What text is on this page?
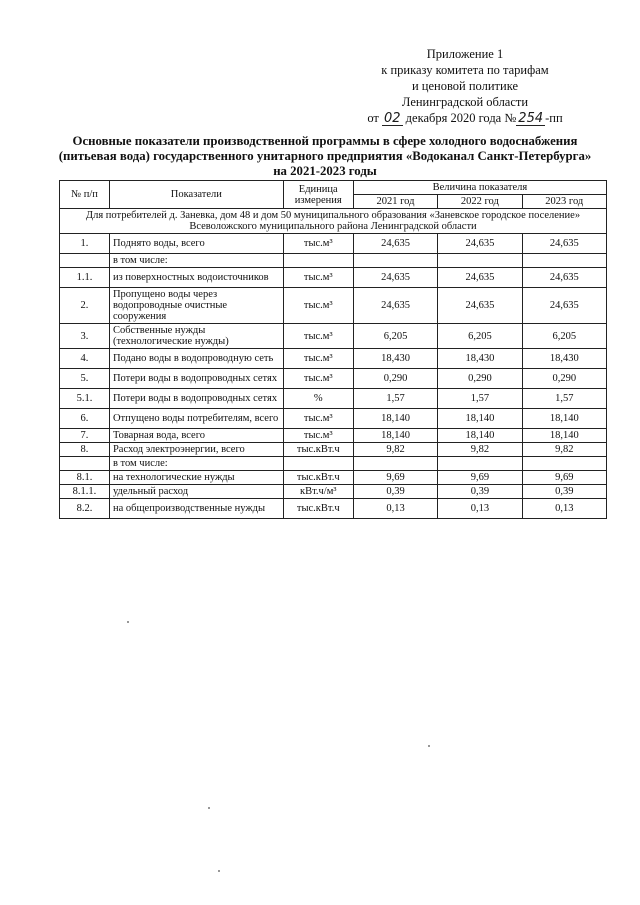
Приложение 1
к приказу комитета по тарифам
и ценовой политике
Ленинградской области
от 02 декабря 2020 года № 254 -пп
Основные показатели производственной программы в сфере холодного водоснабжения
(питьевая вода) государственного унитарного предприятия «Водоканал Санкт-Петербурга»
на 2021-2023 годы
№ п/п	Показатели	Единица измерения	Величина показателя		
			2021 год	2022 год	2023 год
Для потребителей д. Заневка, дом 48 и дом 50 муниципального образования «Заневское городское поселение» Всеволожского муниципального района Ленинградской области					
1.	Поднято воды, всего	тыс.м³	24,635	24,635	24,635
	в том числе:				
1.1.	из поверхностных водоисточников	тыс.м³	24,635	24,635	24,635
2.	Пропущено воды через водопроводные очистные сооружения	тыс.м³	24,635	24,635	24,635
3.	Собственные нужды (технологические нужды)	тыс.м³	6,205	6,205	6,205
4.	Подано воды в водопроводную сеть	тыс.м³	18,430	18,430	18,430
5.	Потери воды в водопроводных сетях	тыс.м³	0,290	0,290	0,290
5.1.	Потери воды в водопроводных сетях	%	1,57	1,57	1,57
6.	Отпущено воды потребителям, всего	тыс.м³	18,140	18,140	18,140
7.	Товарная вода, всего	тыс.м³	18,140	18,140	18,140
8.	Расход электроэнергии, всего	тыс.кВт.ч	9,82	9,82	9,82
	в том числе:				
8.1.	на технологические нужды	тыс.кВт.ч	9,69	9,69	9,69
8.1.1.	удельный расход	кВт.ч/м³	0,39	0,39	0,39
8.2.	на общепроизводственные нужды	тыс.кВт.ч	0,13	0,13	0,13
